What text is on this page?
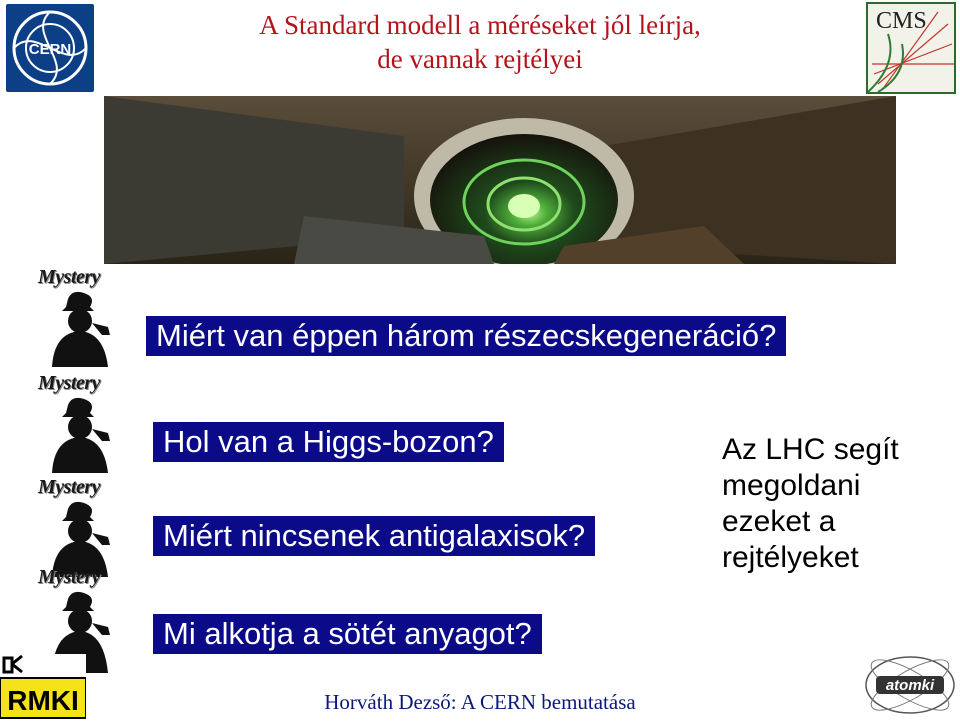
CERN
A Standard modell a méréseket jól leírja,
de vannak rejtélyei
CMS
Mystery
Mystery
Mystery
Mystery
Miért van éppen három részecskegeneráció?
Hol van a Higgs-bozon?
Miért nincsenek antigalaxisok?
Mi alkotja a sötét anyagot?
Az LHC segít megoldani ezeket a rejtélyeket
RMKI	Horváth Dezső: A CERN bemutatása
atomki
